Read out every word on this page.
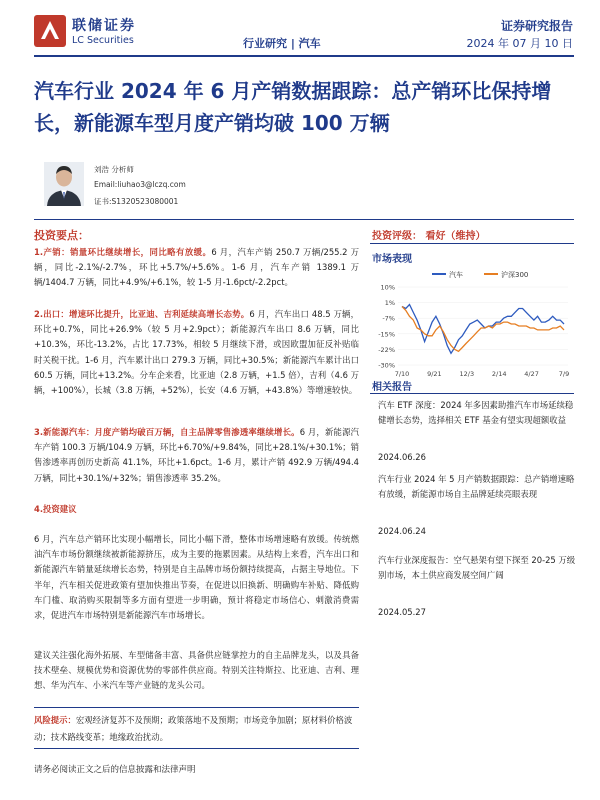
联储证券
LC Securities	行业研究 | 汽车
证券研究报告
2024 年 07 月 10 日
汽车行业 2024 年 6 月产销数据跟踪：总产销环比保持增长，新能源车型月度产销均破 100 万辆
刘浩 分析师
Email:liuhao3@lczq.com
证书:S1320523080001
投资要点：

1.产销：销量环比继续增长，同比略有放缓。6 月，汽车产销 250.7 万辆/255.2 万辆，同比-2.1%/-2.7%，环比+5.7%/+5.6%。1-6 月，汽车产销 1389.1 万辆/1404.7 万辆，同比+4.9%/+6.1%，较 1-5 月-1.6pct/-2.2pct。

2.出口：增速环比提升，比亚迪、吉利延续高增长态势。6 月，汽车出口 48.5 万辆，环比+0.7%，同比+26.9%（较 5 月+2.9pct）；新能源汽车出口 8.6 万辆，同比+10.3%，环比-13.2%，占比 17.73%，相较 5 月继续下滑，或因欧盟加征反补贴临时关税干扰。1-6 月，汽车累计出口 279.3 万辆，同比+30.5%；新能源汽车累计出口 60.5 万辆，同比+13.2%。分车企来看，比亚迪（2.8 万辆，+1.5 倍），吉利（4.6 万辆，+100%），长城（3.8 万辆，+52%），长安（4.6 万辆，+43.8%）等增速较快。

3.新能源汽车：月度产销均破百万辆，自主品牌零售渗透率继续增长。6 月，新能源汽车产销 100.3 万辆/104.9 万辆，环比+6.70%/+9.84%，同比+28.1%/+30.1%；销售渗透率再创历史新高 41.1%，环比+1.6pct。1-6 月，累计产销 492.9 万辆/494.4 万辆，同比+30.1%/+32%；销售渗透率 35.2%。

4.投资建议

6 月，汽车总产销环比实现小幅增长，同比小幅下滑，整体市场增速略有放缓。传统燃油汽车市场份额继续被新能源挤压，成为主要的拖累因素。从结构上来看，汽车出口和新能源汽车销量延续增长态势，特别是自主品牌市场份额持续提高，占据主导地位。下半年，汽车相关促进政策有望加快推出节奏，在促进以旧换新、明确购车补贴、降低购车门槛、取消购买限制等多方面有望进一步明确，预计将稳定市场信心、刺激消费需求，促进汽车市场特别是新能源汽车市场增长。

建议关注强化海外拓展、车型储备丰富、具备供应链掌控力的自主品牌龙头，以及具备技术壁垒、规模优势和资源优势的零部件供应商。特别关注特斯拉、比亚迪、吉利、理想、华为汽车、小米汽车等产业链的龙头公司。

风险提示：宏观经济复苏不及预期；政策落地不及预期；市场竞争加剧；原材料价格波动；技术路线变革；地缘政治扰动。

请务必阅读正文之后的信息披露和法律声明
投资评级： 看好（维持）
市场表现
汽车	沪深300
10%
1%
-7%
-15%
-22%
-30%
7/10	9/21	12/3	2/14	4/27	7/9
相关报告
汽车 ETF 深度：2024 年多因素助推汽车市场延续稳健增长态势，选择相关 ETF 基金有望实现超额收益
2024.06.26
汽车行业 2024 年 5 月产销数据跟踪：总产销增速略有放缓，新能源市场自主品牌延续亮眼表现
2024.06.24
汽车行业深度报告：空气悬架有望下探至 20-25 万级别市场，本土供应商发展空间广阔
2024.05.27
